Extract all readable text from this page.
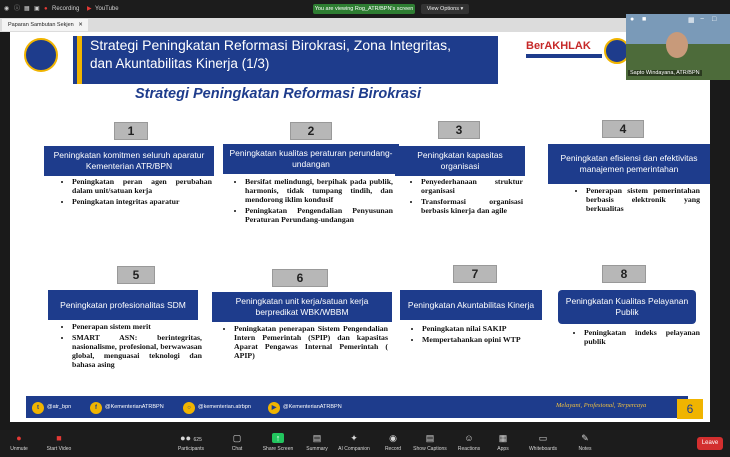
◉ ⓘ ▦ ▣ ● Recording ▶ YouTube	You are viewing Rog_ATR/BPN's screen	View Options ▾
Paparan Sambutan Sekjen ✕
Strategi Peningkatan Reformasi Birokrasi, Zona Integritas,
dan Akuntabilitas Kinerja (1/3)
BerAKHLAK
Strategi Peningkatan Reformasi Birokrasi
1	2	3	4
Peningkatan komitmen seluruh aparatur Kementerian ATR/BPN
Peningkatan kualitas peraturan perundang-undangan
Peningkatan kapasitas organisasi
Peningkatan efisiensi dan efektivitas manajemen pemerintahan
• Peningkatan peran agen perubahan dalam unit/satuan kerja
• Peningkatan integritas aparatur
• Bersifat melindungi, berpihak pada publik, harmonis, tidak tumpang tindih, dan mendorong iklim kondusif
• Peningkatan Pengendalian Penyusunan Peraturan Perundang-undangan
• Penyederhanaan struktur organisasi
• Transformasi organisasi berbasis kinerja dan agile
• Penerapan sistem pemerintahan berbasis elektronik yang berkualitas
5	6	7	8
Peningkatan profesionalitas SDM	Peningkatan unit kerja/satuan kerja berpredikat WBK/WBBM
Peningkatan Akuntabilitas Kinerja	Peningkatan Kualitas Pelayanan Publik
• Penerapan sistem merit
• SMART ASN: berintegritas, nasionalisme, profesional, berwawasan global, menguasai teknologi dan bahasa asing
• Peningkatan penerapan Sistem Pengendalian Intern Pemerintah (SPIP) dan kapasitas Aparat Pengawas Internal Pemerintah ( APIP)
• Peningkatan nilai SAKIP
• Mempertahankan opini WTP
• Peningkatan indeks pelayanan publik
t	@atr_bpn	f	@KementerianATRBPN	○	@kementerian.atrbpn	▶	@KementerianATRBPN	Melayani, Profesional, Terpercaya	6
● ■	▦ − □
Sapto Windayana, ATR/BPN
●
Unmute
■
Start Video
●● 625
Participants
▢
Chat
↑
Share Screen
▤
Summary
✦
AI Companion
◉
Record
▤
Show Captions
☺
Reactions
▦
Apps
▭
Whiteboards
✎
Notes
Leave
